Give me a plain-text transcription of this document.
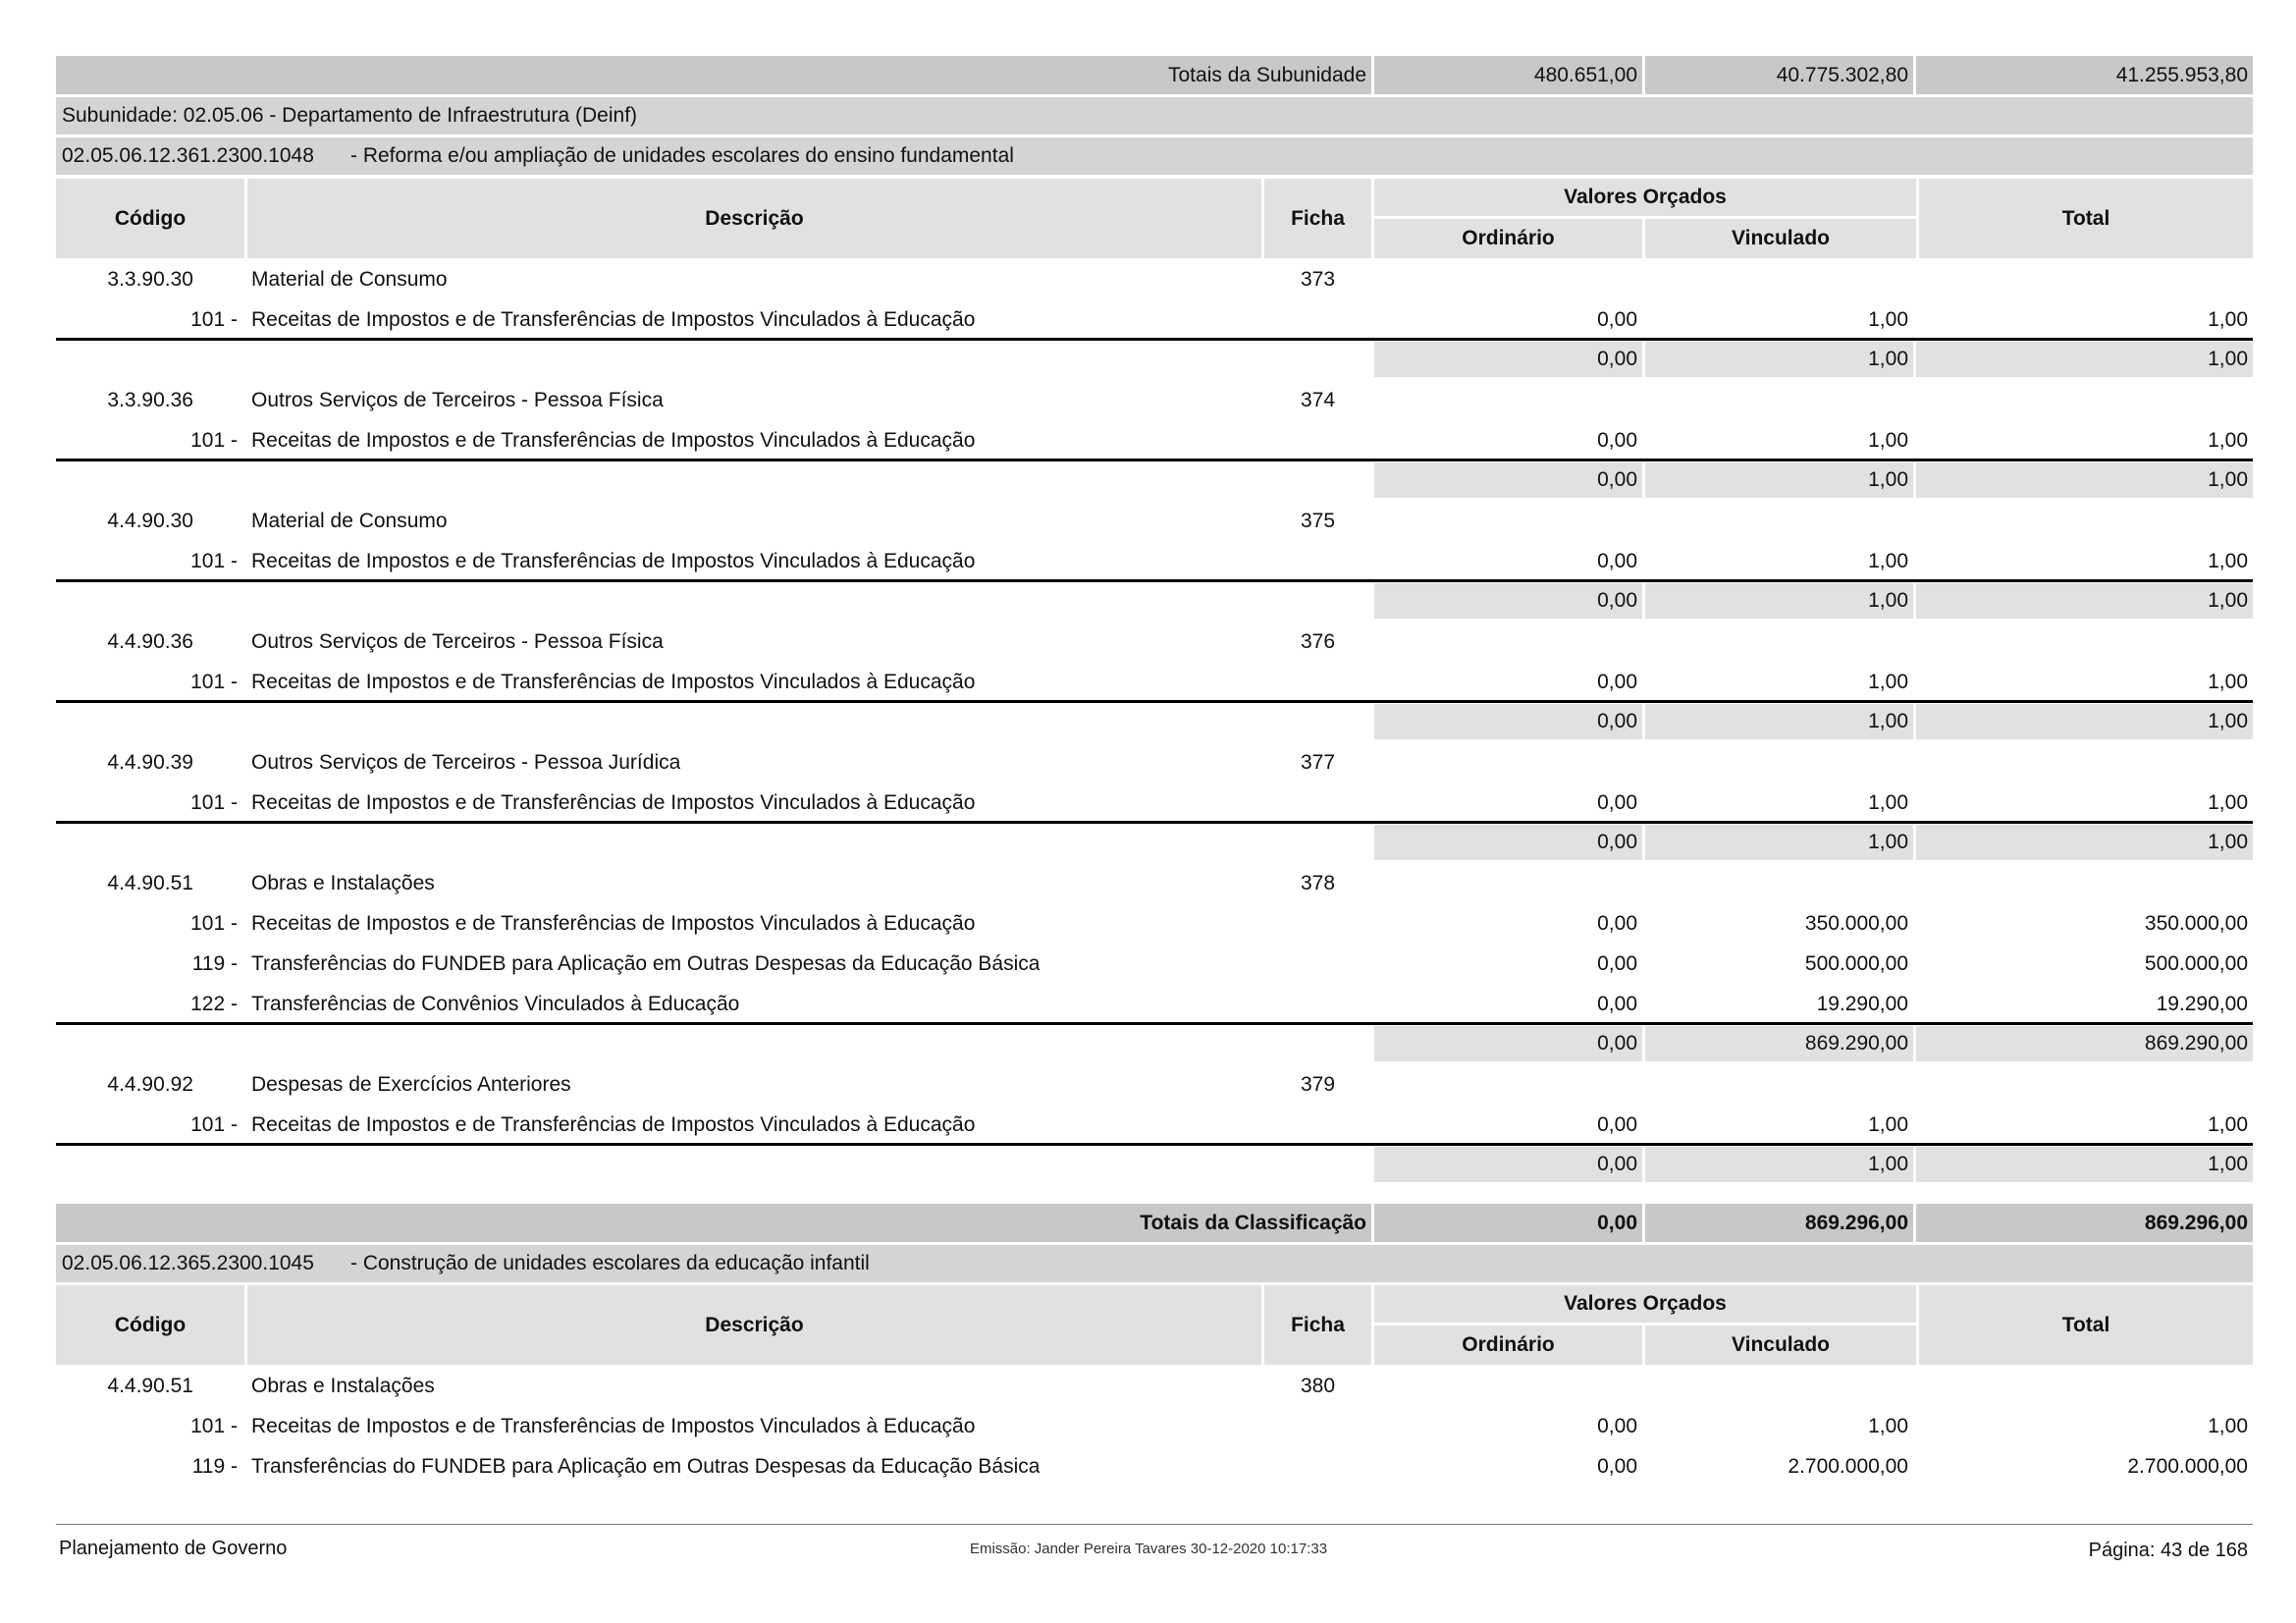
Totais da Subunidade	480.651,00	40.775.302,80	41.255.953,80
Subunidade: 02.05.06 - Departamento de Infraestrutura (Deinf)
02.05.06.12.361.2300.1048 - Reforma e/ou ampliação de unidades escolares do ensino fundamental
Código	Descrição	Ficha
Valores Orçados
Ordinário	Vinculado
Total
3.3.90.30	Material de Consumo	373
101 - Receitas de Impostos e de Transferências de Impostos Vinculados à Educação	0,00	1,00	1,00
0,00	1,00	1,00
3.3.90.36	Outros Serviços de Terceiros - Pessoa Física	374
101 - Receitas de Impostos e de Transferências de Impostos Vinculados à Educação	0,00	1,00	1,00
0,00	1,00	1,00
4.4.90.30	Material de Consumo	375
101 - Receitas de Impostos e de Transferências de Impostos Vinculados à Educação	0,00	1,00	1,00
0,00	1,00	1,00
4.4.90.36	Outros Serviços de Terceiros - Pessoa Física	376
101 - Receitas de Impostos e de Transferências de Impostos Vinculados à Educação	0,00	1,00	1,00
0,00	1,00	1,00
4.4.90.39	Outros Serviços de Terceiros - Pessoa Jurídica	377
101 - Receitas de Impostos e de Transferências de Impostos Vinculados à Educação	0,00	1,00	1,00
0,00	1,00	1,00
4.4.90.51	Obras e Instalações	378
101 - Receitas de Impostos e de Transferências de Impostos Vinculados à Educação	0,00	350.000,00	350.000,00
119 - Transferências do FUNDEB para Aplicação em Outras Despesas da Educação Básica	0,00	500.000,00	500.000,00
122 - Transferências de Convênios Vinculados à Educação	0,00	19.290,00	19.290,00
0,00	869.290,00	869.290,00
4.4.90.92	Despesas de Exercícios Anteriores	379
101 - Receitas de Impostos e de Transferências de Impostos Vinculados à Educação	0,00	1,00	1,00
0,00	1,00	1,00
Totais da Classificação	0,00	869.296,00	869.296,00
02.05.06.12.365.2300.1045 - Construção de unidades escolares da educação infantil
Código	Descrição	Ficha
Valores Orçados
Ordinário	Vinculado
Total
4.4.90.51	Obras e Instalações	380
101 - Receitas de Impostos e de Transferências de Impostos Vinculados à Educação	0,00	1,00	1,00
119 - Transferências do FUNDEB para Aplicação em Outras Despesas da Educação Básica	0,00	2.700.000,00	2.700.000,00
Planejamento de Governo	Emissão: Jander Pereira Tavares 30-12-2020 10:17:33	Página: 43 de 168
